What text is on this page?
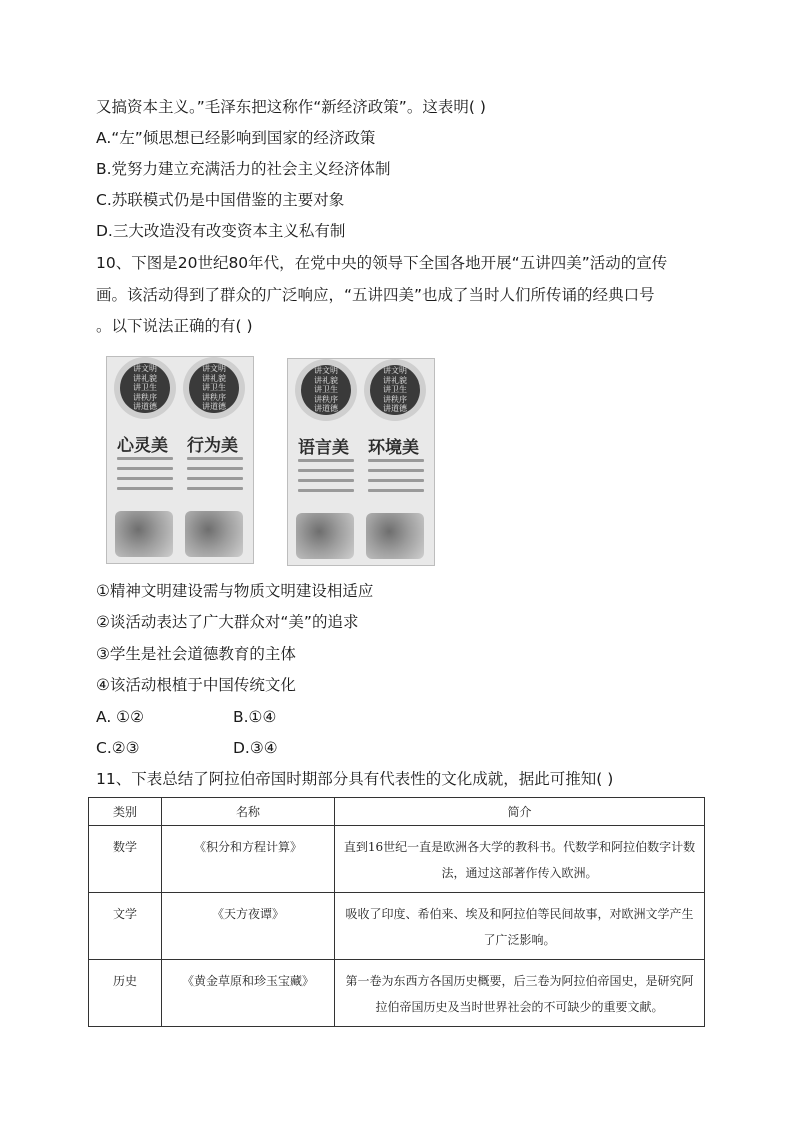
又搞资本主义。”毛泽东把这称作“新经济政策”。这表明( )
A.“左”倾思想已经影响到国家的经济政策
B.党努力建立充满活力的社会主义经济体制
C.苏联模式仍是中国借鉴的主要对象
D.三大改造没有改变资本主义私有制
10、下图是20世纪80年代，在党中央的领导下全国各地开展“五讲四美”活动的宣传
画。该活动得到了群众的广泛响应，“五讲四美”也成了当时人们所传诵的经典口号
。以下说法正确的有( )
讲文明
讲礼貌
讲卫生
讲秩序
讲道德
讲文明
讲礼貌
讲卫生
讲秩序
讲道德
心灵美 行为美
讲文明
讲礼貌
讲卫生
讲秩序
讲道德
讲文明
讲礼貌
讲卫生
讲秩序
讲道德
语言美 环境美
①精神文明建设需与物质文明建设相适应
②谈活动表达了广大群众对“美”的追求
③学生是社会道德教育的主体
④该活动根植于中国传统文化
A. ①②	B.①④
C.②③	D.③④
11、下表总结了阿拉伯帝国时期部分具有代表性的文化成就，据此可推知( )
类别	名称	简介
数学	《积分和方程计算》	直到16世纪一直是欧洲各大学的教科书。代数学和阿拉伯数字计数法，通过这部著作传入欧洲。
文学	《天方夜谭》	吸收了印度、希伯来、埃及和阿拉伯等民间故事，对欧洲文学产生了广泛影响。
历史	《黄金草原和珍玉宝藏》	第一卷为东西方各国历史概要，后三卷为阿拉伯帝国史，是研究阿拉伯帝国历史及当时世界社会的不可缺少的重要文献。
